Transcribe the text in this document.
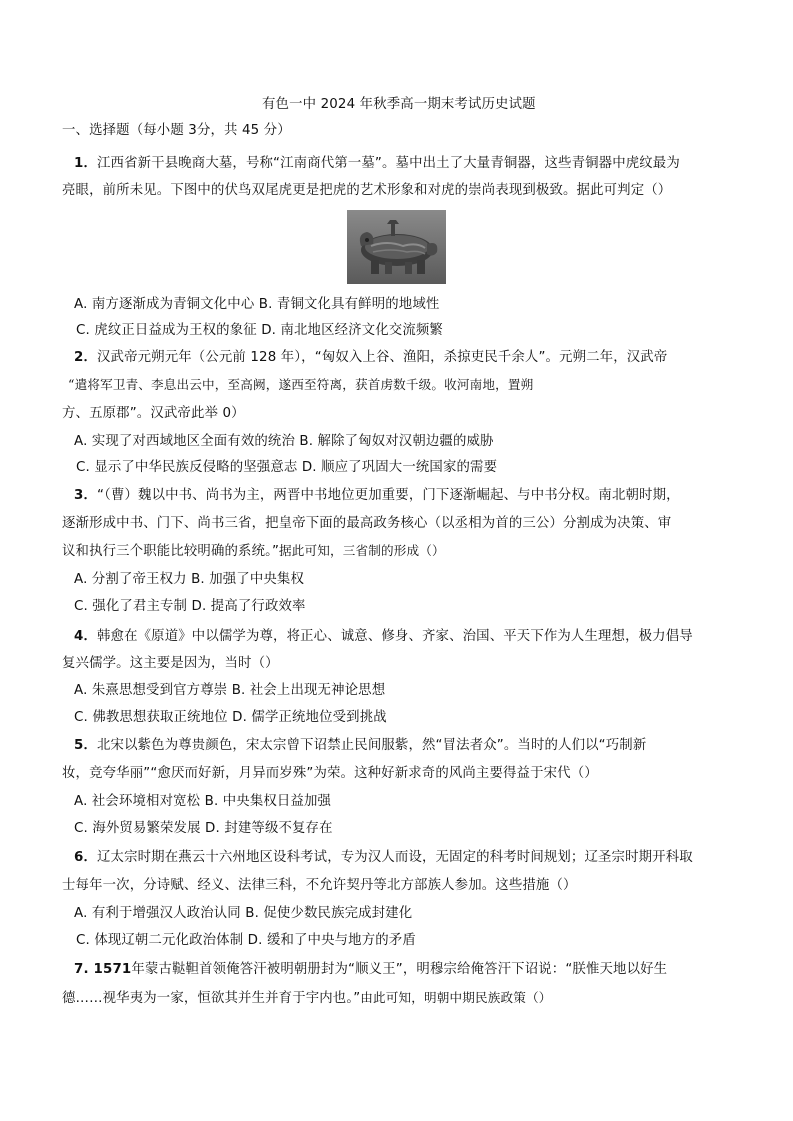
有色一中 2024 年秋季高一期末考试历史试题
一、选择题（每小题 3分，共 45 分）
1．江西省新干县晚商大墓，号称“江南商代第一墓”。墓中出土了大量青铜器，这些青铜器中虎纹最为
亮眼，前所未见。下图中的伏鸟双尾虎更是把虎的艺术形象和对虎的崇尚表现到极致。据此可判定（）
A. 南方逐渐成为青铜文化中心 B. 青铜文化具有鲜明的地域性
C. 虎纹正日益成为王权的象征 D. 南北地区经济文化交流频繁
2．汉武帝元朔元年（公元前 128 年），“匈奴入上谷、渔阳，杀掠吏民千余人”。元朔二年，汉武帝
“遣将军卫青、李息出云中，至高阙，遂西至符离，获首虏数千级。收河南地，置朔
方、五原郡”。汉武帝此举 0）
A. 实现了对西域地区全面有效的统治 B. 解除了匈奴对汉朝边疆的威胁
C. 显示了中华民族反侵略的坚强意志 D. 顺应了巩固大一统国家的需要
3．“（曹）魏以中书、尚书为主，两晋中书地位更加重要，门下逐渐崛起、与中书分权。南北朝时期，
逐渐形成中书、门下、尚书三省，把皇帝下面的最高政务核心（以丞相为首的三公）分割成为决策、审
议和执行三个职能比较明确的系统。”据此可知，三省制的形成（）
A. 分割了帝王权力 B. 加强了中央集权
C. 强化了君主专制 D. 提高了行政效率
4．韩愈在《原道》中以儒学为尊，将正心、诚意、修身、齐家、治国、平天下作为人生理想，极力倡导
复兴儒学。这主要是因为，当时（）
A. 朱熹思想受到官方尊崇 B. 社会上出现无神论思想
C. 佛教思想获取正统地位 D. 儒学正统地位受到挑战
5．北宋以紫色为尊贵颜色，宋太宗曾下诏禁止民间服紫，然“冒法者众”。当时的人们以“巧制新
妆，竞夸华丽”“愈厌而好新，月异而岁殊”为荣。这种好新求奇的风尚主要得益于宋代（）
A. 社会环境相对宽松 B. 中央集权日益加强
C. 海外贸易繁荣发展 D. 封建等级不复存在
6．辽太宗时期在燕云十六州地区设科考试，专为汉人而设，无固定的科考时间规划；辽圣宗时期开科取
士每年一次，分诗赋、经义、法律三科，不允许契丹等北方部族人参加。这些措施（）
A. 有利于增强汉人政治认同 B. 促使少数民族完成封建化
C. 体现辽朝二元化政治体制 D. 缓和了中央与地方的矛盾
7. 1571年蒙古鞑靼首领俺答汗被明朝册封为“顺义王”，明穆宗给俺答汗下诏说：“朕惟天地以好生
德……视华夷为一家，恒欲其并生并育于宇内也。”由此可知，明朝中期民族政策（）
